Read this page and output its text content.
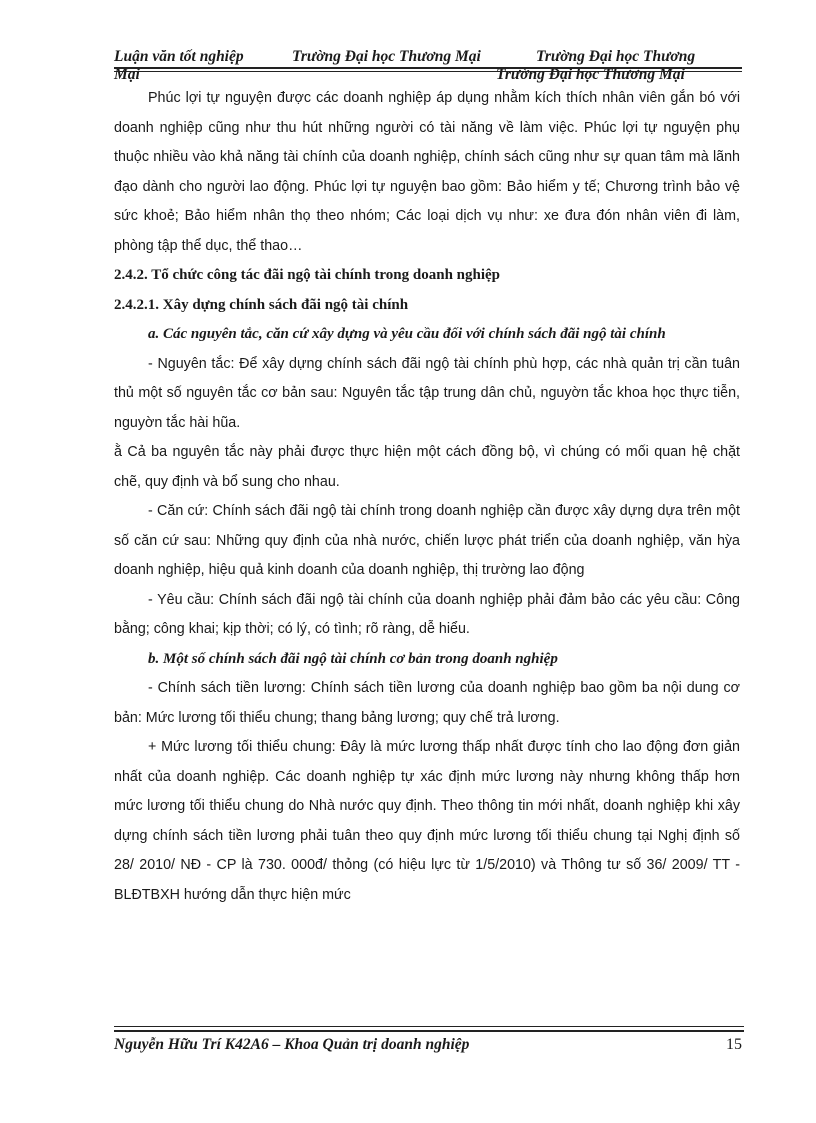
Luận văn tốt nghiệp	Trường Đại học Thương Mại	Trường Đại học Thương
Mại	Trường Đại học Thương Mại

Phúc lợi tự nguyện được các doanh nghiệp áp dụng nhằm kích thích nhân viên gắn bó với doanh nghiệp cũng như thu hút những người có tài năng về làm việc. Phúc lợi tự nguyện phụ thuộc nhiều vào khả năng tài chính của doanh nghiệp, chính sách cũng như sự quan tâm mà lãnh đạo dành cho người lao động. Phúc lợi tự nguyện bao gồm: Bảo hiểm y tế; Chương trình bảo vệ sức khoẻ; Bảo hiểm nhân thọ theo nhóm; Các loại dịch vụ như: xe đưa đón nhân viên đi làm, phòng tập thể dục, thể thao…

2.4.2. Tổ chức công tác đãi ngộ tài chính trong doanh nghiệp

2.4.2.1. Xây dựng chính sách đãi ngộ tài chính

a. Các nguyên tắc, căn cứ xây dựng và yêu cầu đối với chính sách đãi ngộ tài chính

- Nguyên tắc: Để xây dựng chính sách đãi ngộ tài chính phù hợp, các nhà quản trị cần tuân thủ một số nguyên tắc cơ bản sau: Nguyên tắc tập trung dân chủ, nguyờn tắc khoa học thực tiễn, nguyờn tắc hài hũa.

ằ Cả ba nguyên tắc này phải được thực hiện một cách đồng bộ, vì chúng có mối quan hệ chặt chẽ, quy định và bổ sung cho nhau.

- Căn cứ: Chính sách đãi ngộ tài chính trong doanh nghiệp cần được xây dựng dựa trên một số căn cứ sau: Những quy định của nhà nước, chiến lược phát triển của doanh nghiệp, văn hỳa doanh nghiệp, hiệu quả kinh doanh của doanh nghiệp, thị trường lao động

- Yêu cầu: Chính sách đãi ngộ tài chính của doanh nghiệp phải đảm bảo các yêu cầu: Công bằng; công khai; kịp thời; có lý, có tình; rõ ràng, dễ hiểu.

b. Một số chính sách đãi ngộ tài chính cơ bản trong doanh nghiệp

- Chính sách tiền lương: Chính sách tiền lương của doanh nghiệp bao gồm ba nội dung cơ bản: Mức lương tối thiểu chung; thang bảng lương; quy chế trả lương.

+ Mức lương tối thiểu chung: Đây là mức lương thấp nhất được tính cho lao động đơn giản nhất của doanh nghiệp. Các doanh nghiệp tự xác định mức lương này nhưng không thấp hơn mức lương tối thiểu chung do Nhà nước quy định. Theo thông tin mới nhất, doanh nghiệp khi xây dựng chính sách tiền lương phải tuân theo quy định mức lương tối thiểu chung tại Nghị định số 28/ 2010/ NĐ - CP là 730. 000đ/ thỏng (có hiệu lực từ 1/5/2010) và Thông tư số 36/ 2009/ TT - BLĐTBXH hướng dẫn thực hiện mức

Nguyễn Hữu Trí K42A6 – Khoa Quản trị doanh nghiệp	15
